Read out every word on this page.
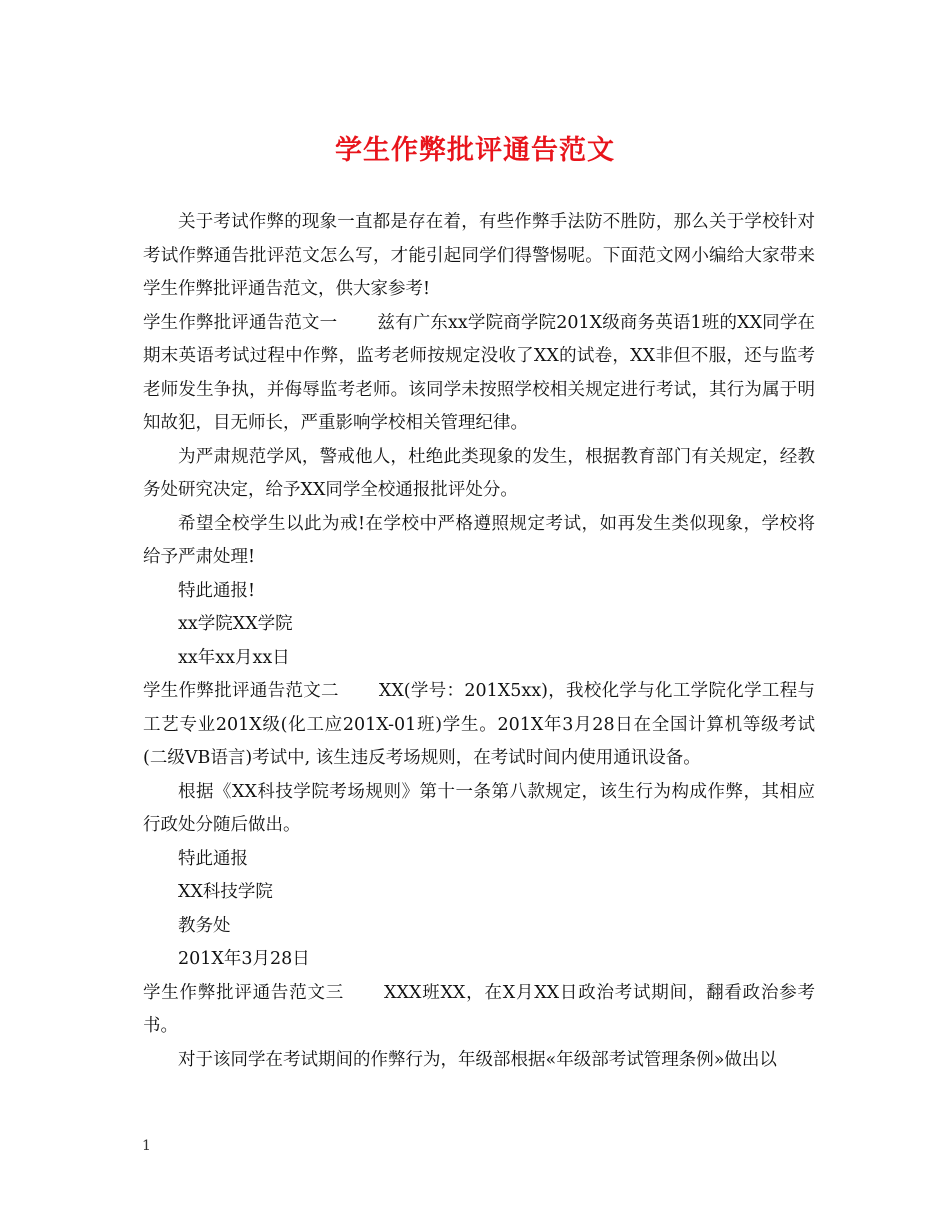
学生作弊批评通告范文

关于考试作弊的现象一直都是存在着，有些作弊手法防不胜防，那么关于学校针对考试作弊通告批评范文怎么写，才能引起同学们得警惕呢。下面范文网小编给大家带来学生作弊批评通告范文，供大家参考!

学生作弊批评通告范文一 兹有广东xx学院商学院201X级商务英语1班的XX同学在期末英语考试过程中作弊，监考老师按规定没收了XX的试卷，XX非但不服，还与监考老师发生争执，并侮辱监考老师。该同学未按照学校相关规定进行考试，其行为属于明知故犯，目无师长，严重影响学校相关管理纪律。

为严肃规范学风，警戒他人，杜绝此类现象的发生，根据教育部门有关规定，经教务处研究决定，给予XX同学全校通报批评处分。

希望全校学生以此为戒!在学校中严格遵照规定考试，如再发生类似现象，学校将给予严肃处理!

特此通报!

xx学院XX学院

xx年xx月xx日

学生作弊批评通告范文二 XX(学号：201X5xx)，我校化学与化工学院化学工程与工艺专业201X级(化工应201X-01班)学生。201X年3月28日在全国计算机等级考试(二级VB语言)考试中, 该生违反考场规则，在考试时间内使用通讯设备。

根据《XX科技学院考场规则》第十一条第八款规定，该生行为构成作弊，其相应行政处分随后做出。

特此通报

XX科技学院

教务处

201X年3月28日

学生作弊批评通告范文三 XXX班XX，在X月XX日政治考试期间，翻看政治参考书。

对于该同学在考试期间的作弊行为，年级部根据«年级部考试管理条例»做出以

1
